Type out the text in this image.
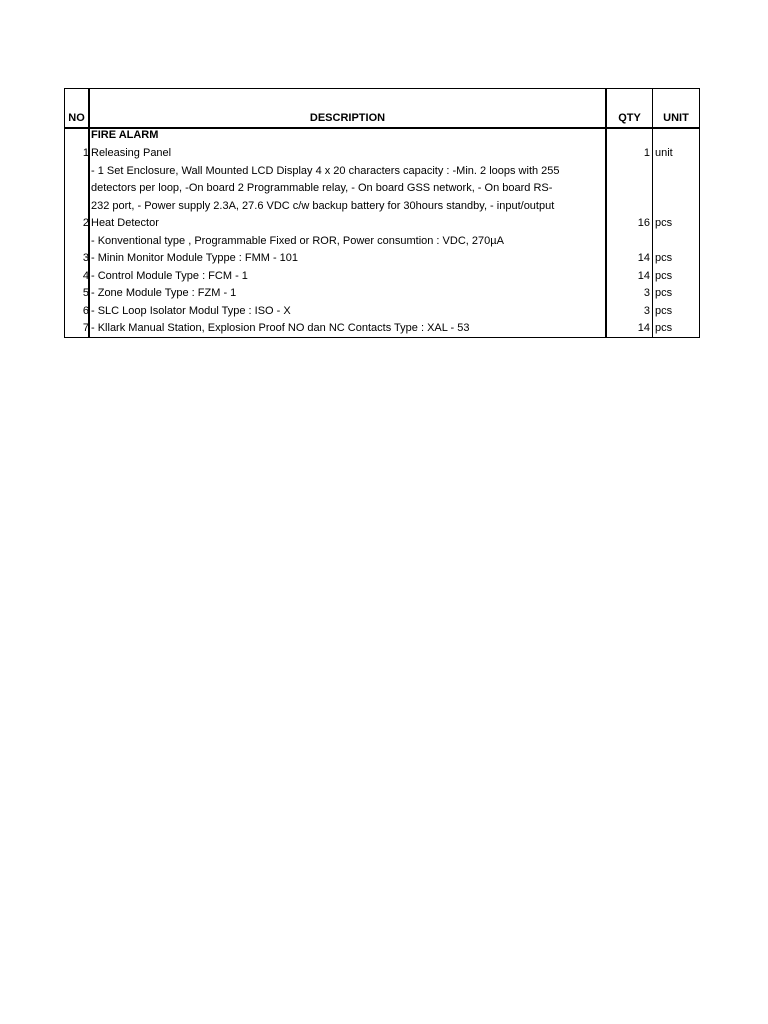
NO	DESCRIPTION	QTY	UNIT
FIRE ALARM
1 Releasing Panel	1 unit
- 1 Set Enclosure, Wall Mounted LCD Display 4 x 20 characters capacity : -Min. 2 loops with 255
detectors per loop, -On board 2 Programmable relay, - On board GSS network, - On board RS-
232 port, - Power supply 2.3A, 27.6 VDC c/w backup battery for 30hours standby, - input/output
2 Heat Detector	16 pcs
- Konventional type , Programmable Fixed or ROR, Power consumtion : VDC, 270µA
3 - Minin Monitor Module Typpe : FMM - 101	14 pcs
4 - Control Module Type : FCM - 1	14 pcs
5 - Zone Module Type : FZM - 1	3 pcs
6 - SLC Loop Isolator Modul Type : ISO - X	3 pcs
7 - Kllark Manual Station, Explosion Proof NO dan NC Contacts Type : XAL - 53	14 pcs
